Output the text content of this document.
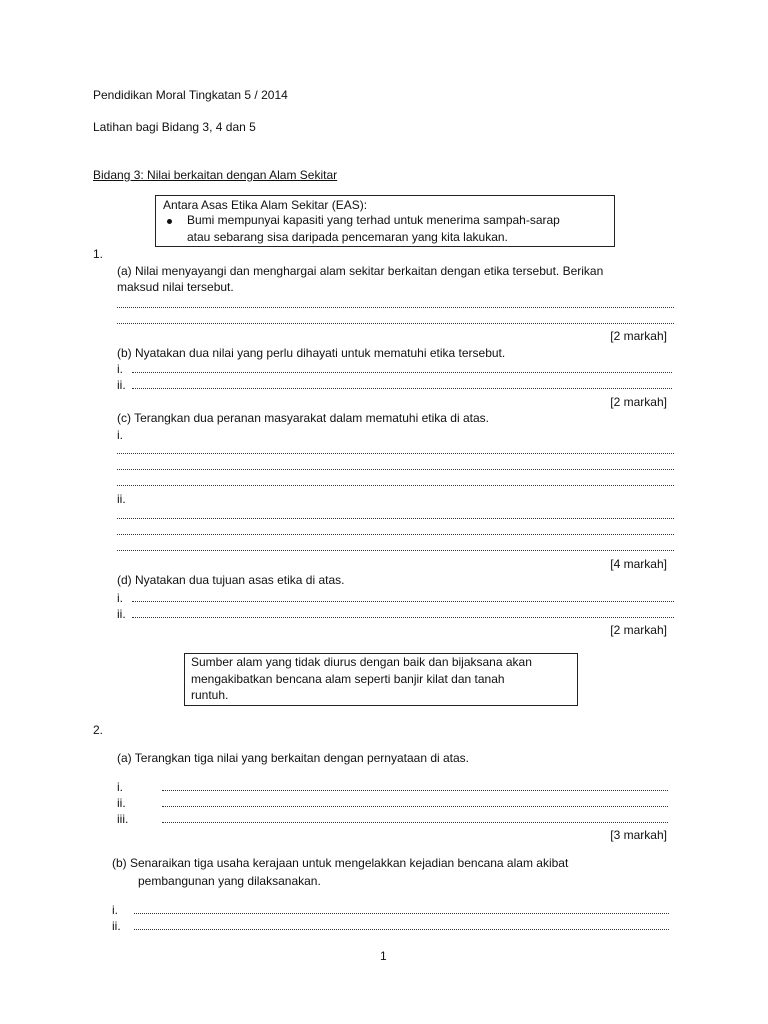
Pendidikan Moral Tingkatan 5 / 2014
Latihan bagi Bidang 3, 4 dan 5
Bidang 3: Nilai berkaitan dengan Alam Sekitar
Antara Asas Etika Alam Sekitar (EAS):
Bumi mempunyai kapasiti yang terhad untuk menerima sampah-sarap
atau sebarang sisa daripada pencemaran yang kita lakukan.
1.
(a) Nilai menyayangi dan menghargai alam sekitar berkaitan dengan etika tersebut. Berikan
maksud nilai tersebut.
[2 markah]
(b) Nyatakan dua nilai yang perlu dihayati untuk mematuhi etika tersebut.
i.
ii.
[2 markah]
(c) Terangkan dua peranan masyarakat dalam mematuhi etika di atas.
i.
ii.
[4 markah]
(d) Nyatakan dua tujuan asas etika di atas.
i.
ii.
[2 markah]
Sumber alam yang tidak diurus dengan baik dan bijaksana akan
mengakibatkan bencana alam seperti banjir kilat dan tanah
runtuh.
2.
(a) Terangkan tiga nilai yang berkaitan dengan pernyataan di atas.
i.
ii.
iii.
[3 markah]
(b) Senaraikan tiga usaha kerajaan untuk mengelakkan kejadian bencana alam akibat
pembangunan yang dilaksanakan.
i.
ii.
1
